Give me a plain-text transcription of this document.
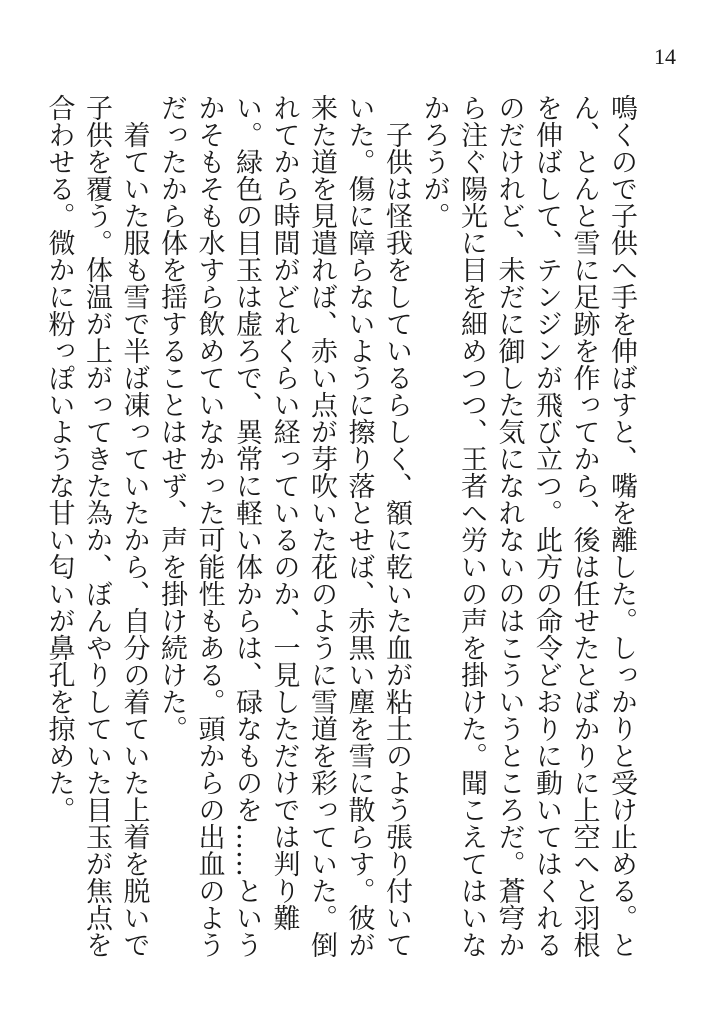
14

鳴くので子供へ手を伸ばすと、嘴を離した。しっかりと受け止める。とん、とんと雪に足跡を作ってから、後は任せたとばかりに上空へと羽根を伸ばして、テンジンが飛び立つ。此方の命令どおりに動いてはくれるのだけれど、未だに御した気になれないのはこういうところだ。蒼穹から注ぐ陽光に目を細めつつ、王者へ労いの声を掛けた。聞こえてはいなかろうが。

子供は怪我をしているらしく、額に乾いた血が粘土のよう張り付いていた。傷に障らないように擦り落とせば、赤黒い塵を雪に散らす。彼が来た道を見遣れば、赤い点が芽吹いた花のように雪道を彩っていた。倒れてから時間がどれくらい経っているのか、一見しただけでは判り難い。緑色の目玉は虚ろで、異常に軽い体からは、碌なものを……というかそもそも水すら飲めていなかった可能性もある。頭からの出血のようだったから体を揺することはせず、声を掛け続けた。

着ていた服も雪で半ば凍っていたから、自分の着ていた上着を脱いで子供を覆う。体温が上がってきた為か、ぼんやりしていた目玉が焦点を合わせる。微かに粉っぽいような甘い匂いが鼻孔を掠めた。
